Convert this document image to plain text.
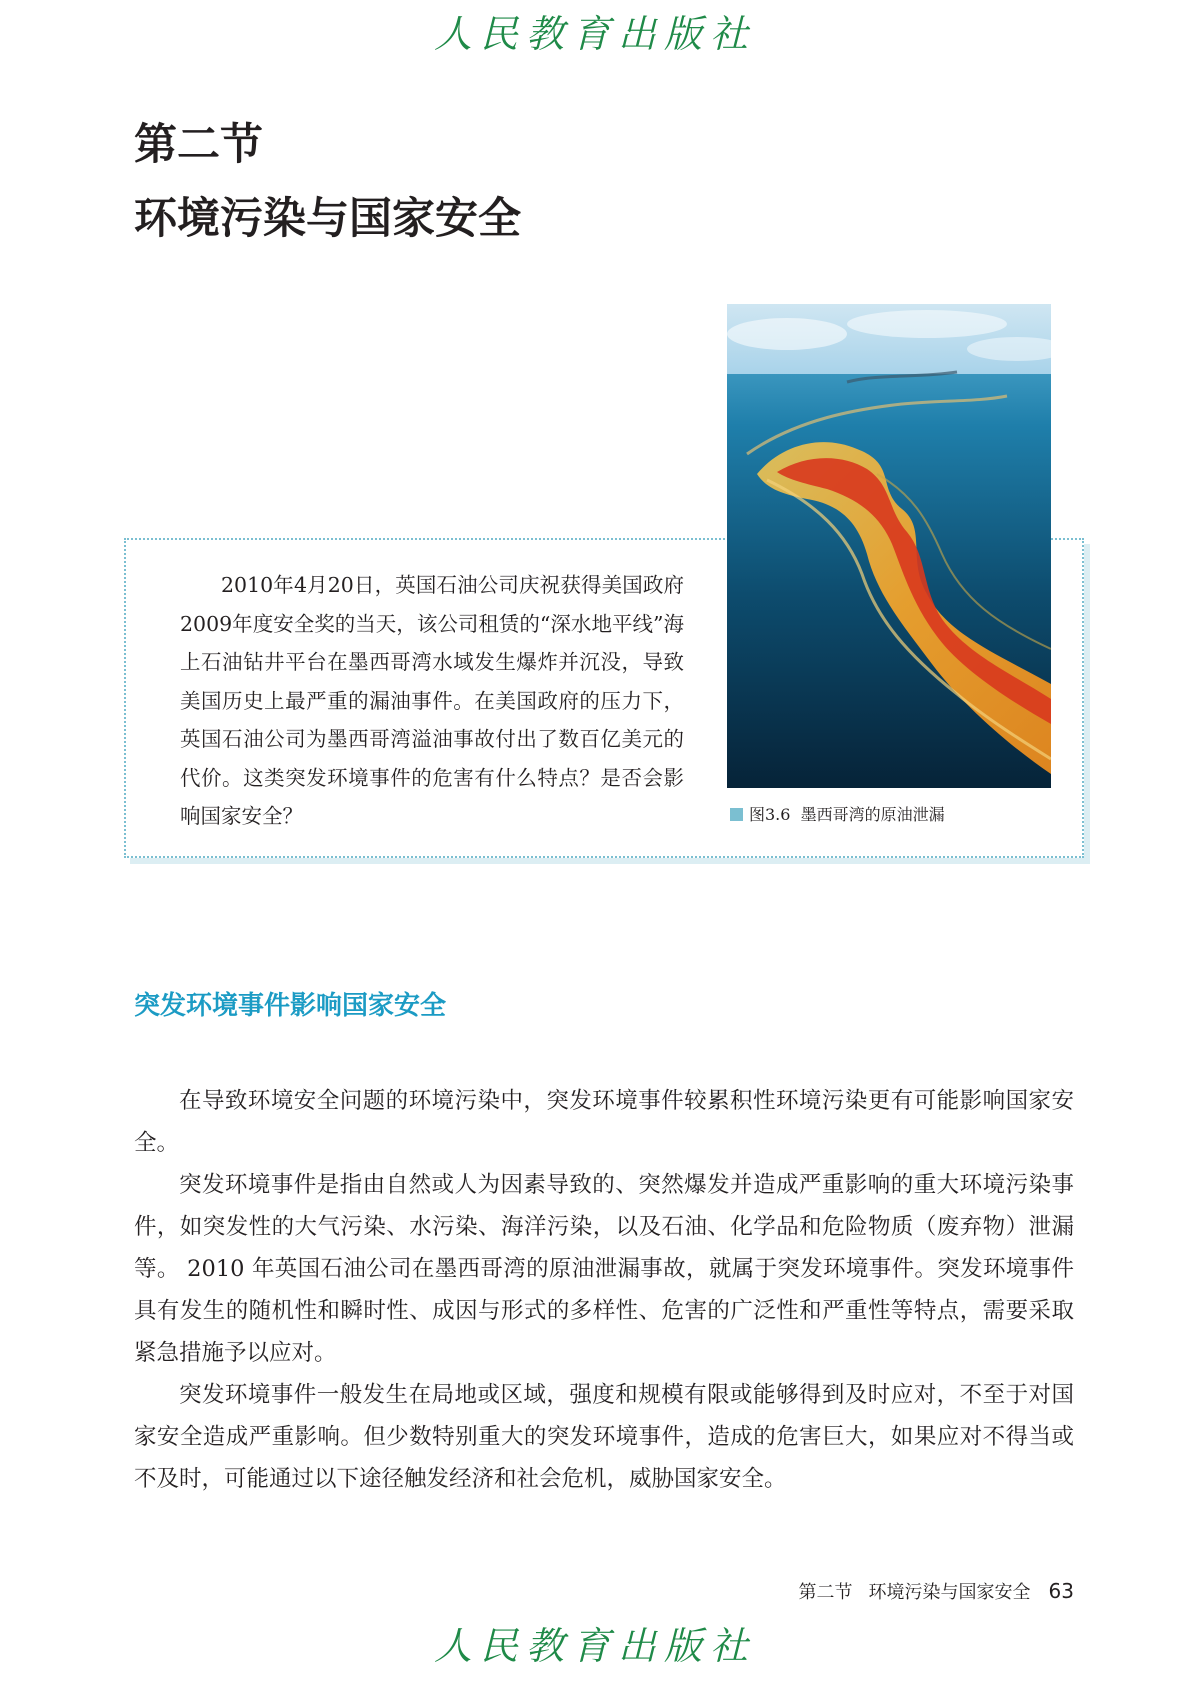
人民教育出版社
第二节
环境污染与国家安全

2010年4月20日，英国石油公司庆祝获得美国政府2009年度安全奖的当天，该公司租赁的“深水地平线”海上石油钻井平台在墨西哥湾水域发生爆炸并沉没，导致美国历史上最严重的漏油事件。在美国政府的压力下，英国石油公司为墨西哥湾溢油事故付出了数百亿美元的代价。这类突发环境事件的危害有什么特点？是否会影响国家安全？	图3.6 墨西哥湾的原油泄漏
突发环境事件影响国家安全

在导致环境安全问题的环境污染中，突发环境事件较累积性环境污染更有可能影响国家安全。

突发环境事件是指由自然或人为因素导致的、突然爆发并造成严重影响的重大环境污染事件，如突发性的大气污染、水污染、海洋污染，以及石油、化学品和危险物质（废弃物）泄漏等。 2010 年英国石油公司在墨西哥湾的原油泄漏事故，就属于突发环境事件。突发环境事件具有发生的随机性和瞬时性、成因与形式的多样性、危害的广泛性和严重性等特点，需要采取紧急措施予以应对。

突发环境事件一般发生在局地或区域，强度和规模有限或能够得到及时应对，不至于对国家安全造成严重影响。但少数特别重大的突发环境事件，造成的危害巨大，如果应对不得当或不及时，可能通过以下途径触发经济和社会危机，威胁国家安全。

第二节 环境污染与国家安全 63
人民教育出版社
